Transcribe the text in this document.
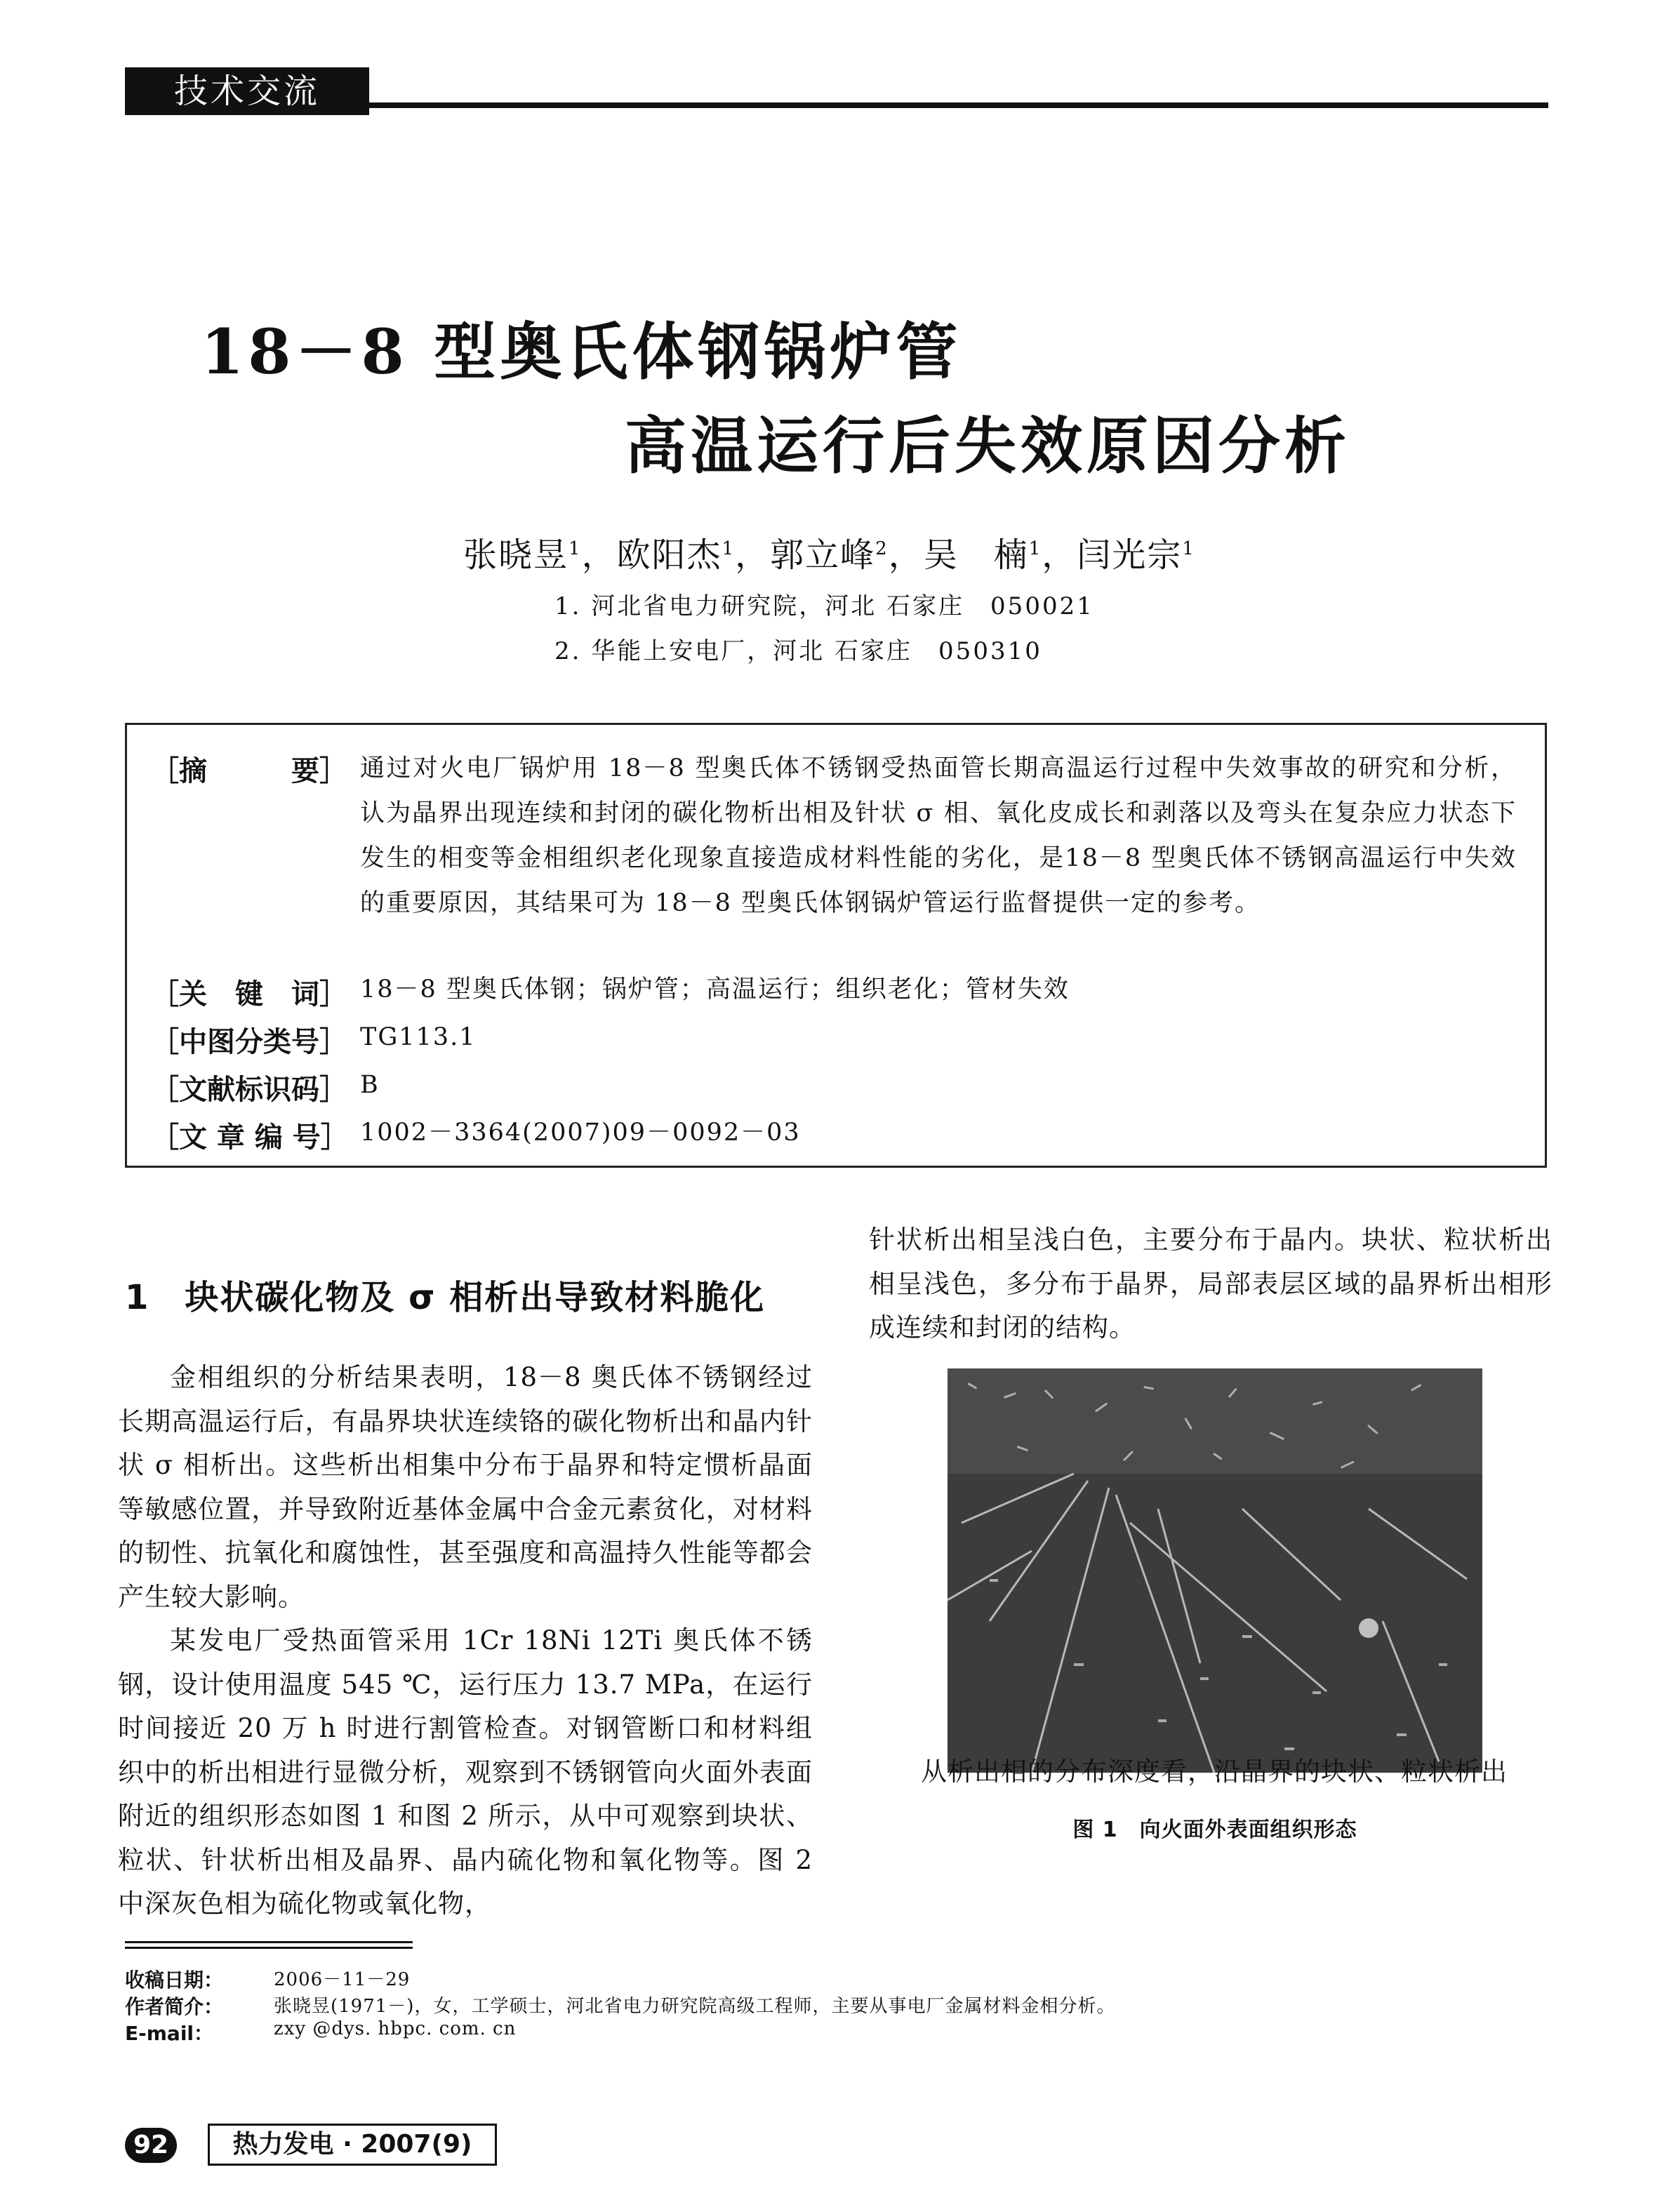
技术交流
18－8 型奥氏体钢锅炉管
高温运行后失效原因分析
张晓昱$^1$，欧阳杰$^1$，郭立峰$^2$，吴　楠$^1$，闫光宗$^1$
1. 河北省电力研究院，河北 石家庄　050021
2. 华能上安电厂，河北 石家庄　050310
［摘　　　要］ 通过对火电厂锅炉用 18－8 型奥氏体不锈钢受热面管长期高温运行过程中失效事故的研究和分析，认为晶界出现连续和封闭的碳化物析出相及针状 σ 相、氧化皮成长和剥落以及弯头在复杂应力状态下发生的相变等金相组织老化现象直接造成材料性能的劣化，是18－8 型奥氏体不锈钢高温运行中失效的重要原因，其结果可为 18－8 型奥氏体钢锅炉管运行监督提供一定的参考。
［关　键　词］ 18－8 型奥氏体钢；锅炉管；高温运行；组织老化；管材失效
［中图分类号］ TG113.1
［文献标识码］ B
［文 章 编 号］ 1002－3364(2007)09－0092－03
1　块状碳化物及 σ 相析出导致材料脆化

金相组织的分析结果表明，18－8 奥氏体不锈钢经过长期高温运行后，有晶界块状连续铬的碳化物析出和晶内针状 σ 相析出。这些析出相集中分布于晶界和特定惯析晶面等敏感位置，并导致附近基体金属中合金元素贫化，对材料的韧性、抗氧化和腐蚀性，甚至强度和高温持久性能等都会产生较大影响。

某发电厂受热面管采用 1Cr 18Ni 12Ti 奥氏体不锈钢，设计使用温度 545 ℃，运行压力 13.7 MPa，在运行时间接近 20 万 h 时进行割管检查。对钢管断口和材料组织中的析出相进行显微分析，观察到不锈钢管向火面外表面附近的组织形态如图 1 和图 2 所示，从中可观察到块状、粒状、针状析出相及晶界、晶内硫化物和氧化物等。图 2 中深灰色相为硫化物或氧化物，

针状析出相呈浅白色，主要分布于晶内。块状、粒状析出相呈浅色，多分布于晶界，局部表层区域的晶界析出相形成连续和封闭的结构。

图 1　向火面外表面组织形态

从析出相的分布深度看，沿晶界的块状、粒状析出

收稿日期：	2006－11－29
作者简介：	张晓昱(1971－)，女，工学硕士，河北省电力研究院高级工程师，主要从事电厂金属材料金相分析。
E-mail：	zxy @dys. hbpc. com. cn
92	热力发电 · 2007(9)
